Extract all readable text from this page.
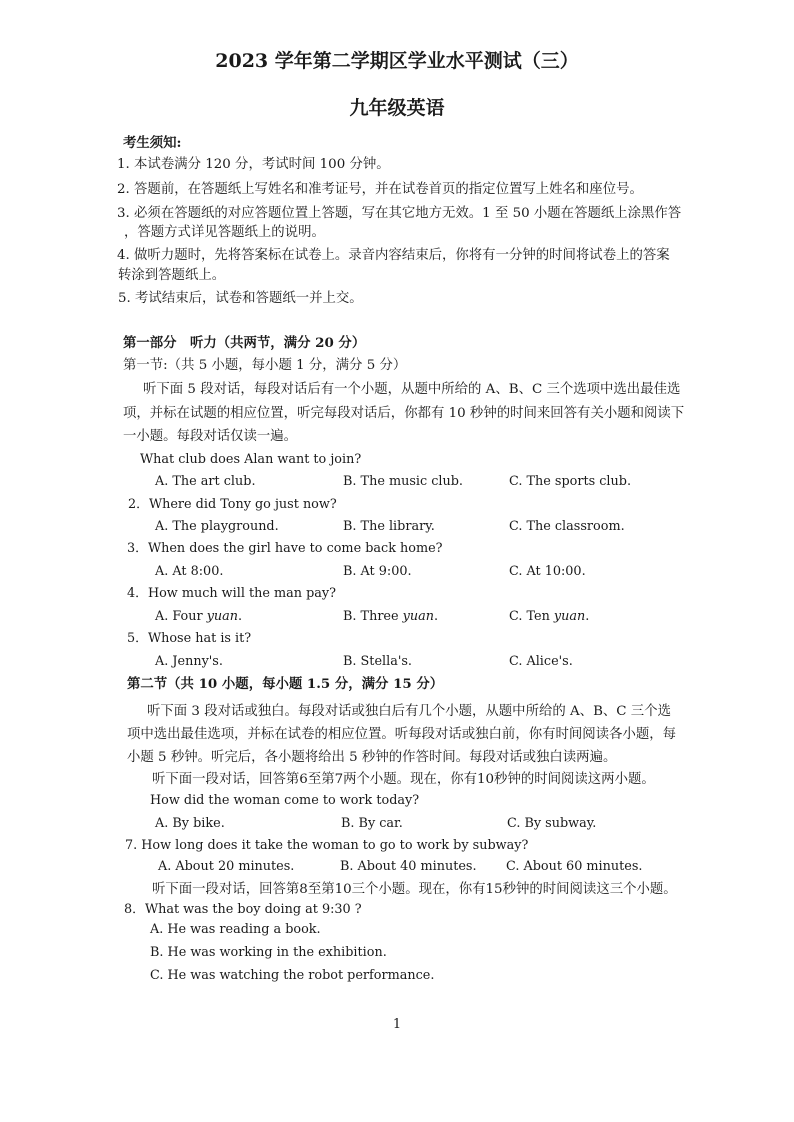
2023 学年第二学期区学业水平测试（三）
九年级英语
考生须知:
1. 本试卷满分 120 分，考试时间 100 分钟。
2. 答题前，在答题纸上写姓名和准考证号，并在试卷首页的指定位置写上姓名和座位号。
3. 必须在答题纸的对应答题位置上答题，写在其它地方无效。1 至 50 小题在答题纸上涂黑作答
，答题方式详见答题纸上的说明。
4. 做听力题时，先将答案标在试卷上。录音内容结束后，你将有一分钟的时间将试卷上的答案
转涂到答题纸上。
5. 考试结束后，试卷和答题纸一并上交。
第一部分　听力（共两节，满分 20 分）
第一节:（共 5 小题，每小题 1 分，满分 5 分）
听下面 5 段对话，每段对话后有一个小题，从题中所给的 A、B、C 三个选项中选出最佳选
项，并标在试题的相应位置，听完每段对话后，你都有 10 秒钟的时间来回答有关小题和阅读下
一小题。每段对话仅读一遍。
What club does Alan want to join?
A. The art club.	B. The music club.	C. The sports club.
2．Where did Tony go just now?
A. The playground.	B. The library.	C. The classroom.
3．When does the girl have to come back home?
A. At 8:00.	B. At 9:00.	C. At 10:00.
4．How much will the man pay?
A. Four yuan.	B. Three yuan.	C. Ten yuan.
5．Whose hat is it?
A. Jenny's.	B. Stella's.	C. Alice's.
第二节（共 10 小题，每小题 1.5 分，满分 15 分）
听下面 3 段对话或独白。每段对话或独白后有几个小题，从题中所给的 A、B、C 三个选
项中选出最佳选项，并标在试卷的相应位置。听每段对话或独白前，你有时间阅读各小题，每
小题 5 秒钟。听完后，各小题将给出 5 秒钟的作答时间。每段对话或独白读两遍。
听下面一段对话，回答第6至第7两个小题。现在，你有10秒钟的时间阅读这两小题。
How did the woman come to work today?
A. By bike.	B. By car.	C. By subway.
7. How long does it take the woman to go to work by subway?
A. About 20 minutes.	B. About 40 minutes. C. About 60 minutes.
听下面一段对话，回答第8至第10三个小题。现在，你有15秒钟的时间阅读这三个小题。
8．What was the boy doing at 9:30 ?
A. He was reading a book.
B. He was working in the exhibition.
C. He was watching the robot performance.
1
